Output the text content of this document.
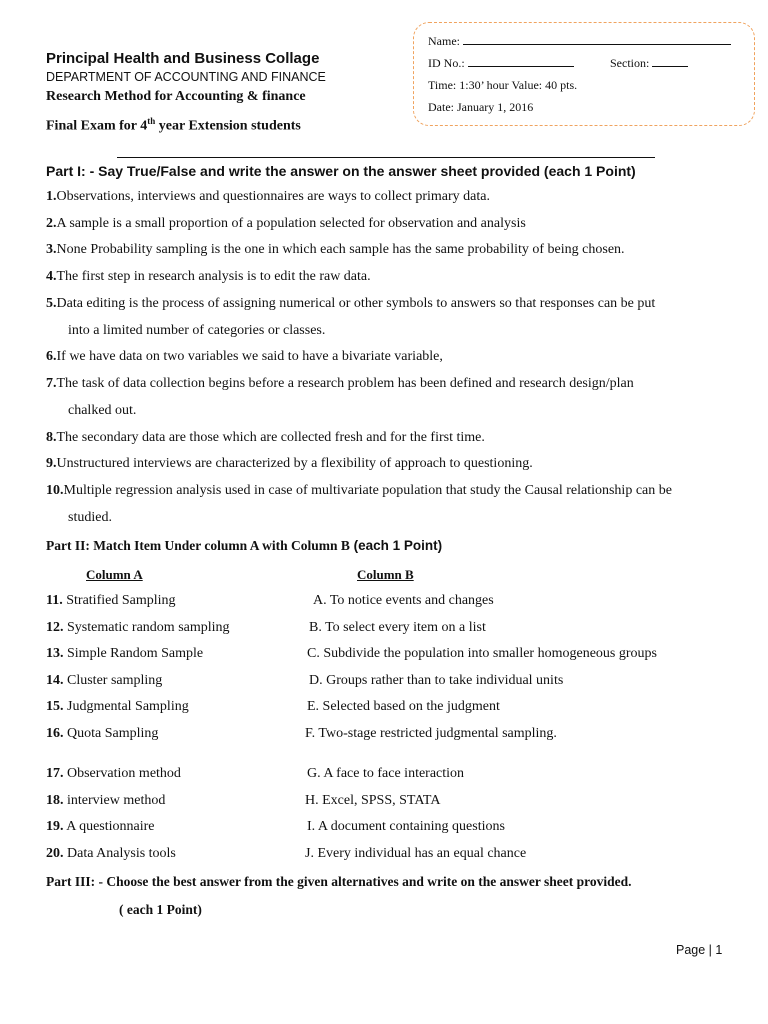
Principal Health and Business Collage
DEPARTMENT OF ACCOUNTING AND FINANCE
Research Method for Accounting & finance
Final Exam for 4th year Extension students
Name:
ID No.:	Section:
Time: 1:30’ hour Value: 40 pts.
Date: January 1, 2016
Part I: - Say True/False and write the answer on the answer sheet provided (each 1 Point)
1.Observations, interviews and questionnaires are ways to collect primary data.
2.A sample is a small proportion of a population selected for observation and analysis
3.None Probability sampling is the one in which each sample has the same probability of being chosen.
4.The first step in research analysis is to edit the raw data.
5.Data editing is the process of assigning numerical or other symbols to answers so that responses can be put
into a limited number of categories or classes.
6.If we have data on two variables we said to have a bivariate variable,
7.The task of data collection begins before a research problem has been defined and research design/plan
chalked out.
8.The secondary data are those which are collected fresh and for the first time.
9.Unstructured interviews are characterized by a flexibility of approach to questioning.
10.Multiple regression analysis used in case of multivariate population that study the Causal relationship can be
studied.
Part II: Match Item Under column A with Column B (each 1 Point)
Column A	Column B
11. Stratified Sampling	A. To notice events and changes
12. Systematic random sampling	B. To select every item on a list
13. Simple Random Sample	C. Subdivide the population into smaller homogeneous groups
14. Cluster sampling	D. Groups rather than to take individual units
15. Judgmental Sampling	E. Selected based on the judgment
16. Quota Sampling	F. Two-stage restricted judgmental sampling.
17. Observation method	G. A face to face interaction
18. interview method	H. Excel, SPSS, STATA
19. A questionnaire	I. A document containing questions
20. Data Analysis tools	J. Every individual has an equal chance
Part III: - Choose the best answer from the given alternatives and write on the answer sheet provided.
( each 1 Point)
Page | 1
